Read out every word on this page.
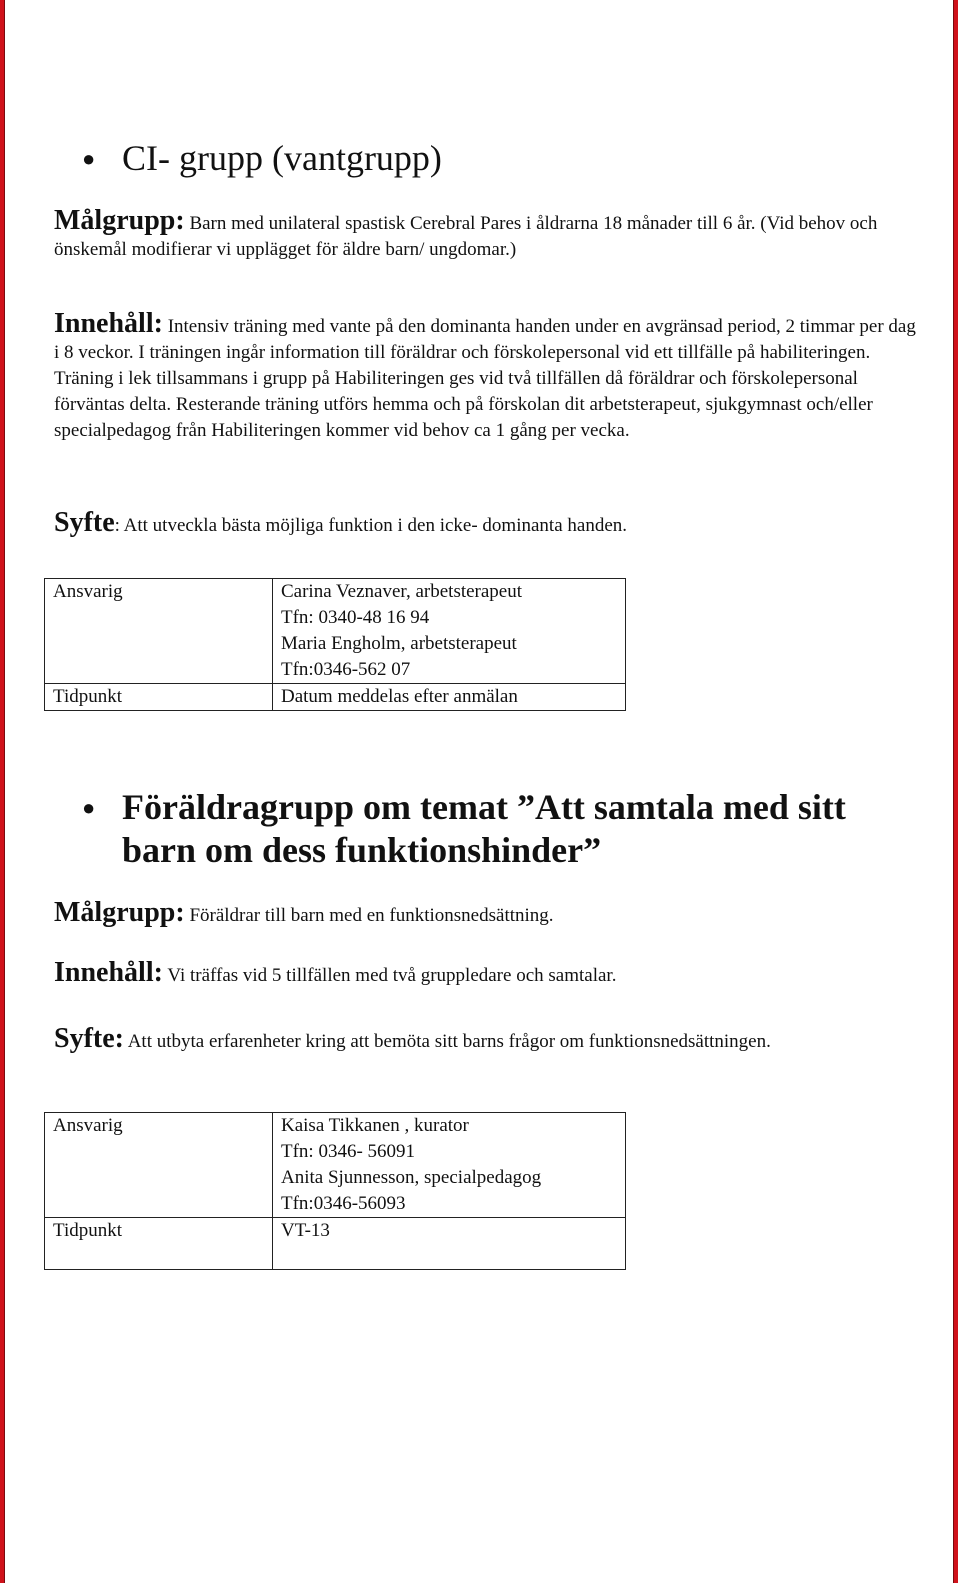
● CI- grupp (vantgrupp)

Målgrupp: Barn med unilateral spastisk Cerebral Pares i åldrarna 18 månader till 6 år. (Vid behov och önskemål modifierar vi upplägget för äldre barn/ ungdomar.)

Innehåll: Intensiv träning med vante på den dominanta handen under en avgränsad period, 2 timmar per dag i 8 veckor. I träningen ingår information till föräldrar och förskolepersonal vid ett tillfälle på habiliteringen. Träning i lek tillsammans i grupp på Habiliteringen ges vid två tillfällen då föräldrar och förskolepersonal förväntas delta. Resterande träning utförs hemma och på förskolan dit arbetsterapeut, sjukgymnast och/eller specialpedagog från Habiliteringen kommer vid behov ca 1 gång per vecka.

Syfte: Att utveckla bästa möjliga funktion i den icke- dominanta handen.

Ansvarig	Carina Veznaver, arbetsterapeut
Tfn: 0340-48 16 94
Maria Engholm, arbetsterapeut
Tfn:0346-562 07

Tidpunkt	Datum meddelas efter anmälan
● Föräldragrupp om temat ”Att samtala med sitt barn om dess funktionshinder”

Målgrupp: Föräldrar till barn med en funktionsnedsättning.

Innehåll: Vi träffas vid 5 tillfällen med två gruppledare och samtalar.

Syfte: Att utbyta erfarenheter kring att bemöta sitt barns frågor om funktionsnedsättningen.

Ansvarig	Kaisa Tikkanen , kurator
Tfn: 0346- 56091
Anita Sjunnesson, specialpedagog
Tfn:0346-56093

Tidpunkt	VT-13
